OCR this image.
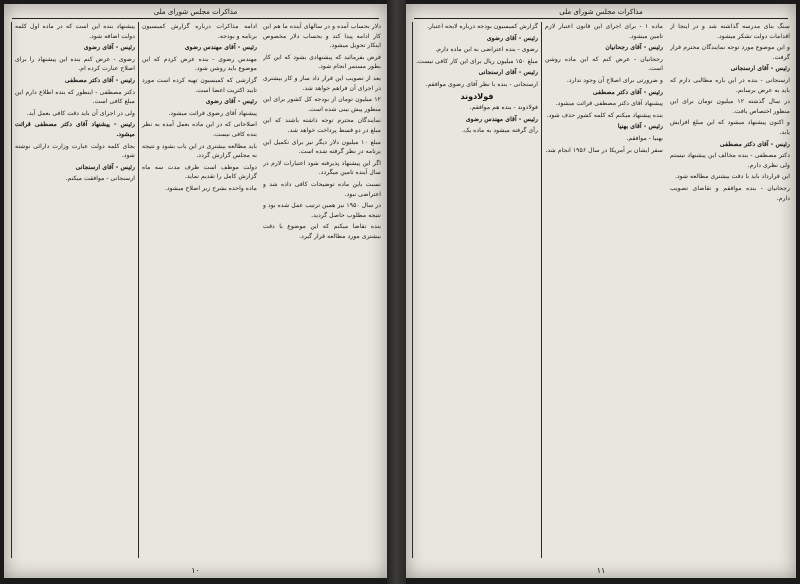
مذاکرات مجلس شورای ملی

دلار بحساب آمده و در سالهای آینده ما هم این کار ادامه پیدا کند و بحساب دلار مخصوص اینکار تحویل میشود.

فرض بفرمائید که پیشنهادی بشود که این کار بطور مستمر انجام شود.

بعد از تصویب این قرار داد ساز و کار بیشتری در اجرای آن فراهم خواهد شد.

۱۲ میلیون تومان از بودجه کل کشور برای این منظور پیش بینی شده است.

نمایندگان محترم توجه داشته باشند که این مبلغ در دو قسط پرداخت خواهد شد.

مبلغ ۱۰ میلیون دلار دیگر نیز برای تکمیل این برنامه در نظر گرفته شده است.

اگر این پیشنهاد پذیرفته شود اعتبارات لازم در سال آینده تامین میگردد.

نسبت باین ماده توضیحات کافی داده شد و اعتراضی نبود.

در سال ۱۹۵۰ نیز همین ترتیب عمل شده بود و نتیجه مطلوب حاصل گردید.

بنده تقاضا میکنم که این موضوع با دقت بیشتری مورد مطالعه قرار گیرد.

ادامه مذاکرات درباره گزارش کمیسیون برنامه و بودجه.

رئیس - آقای مهندس رضوی

مهندس رضوی - بنده عرض کردم که این موضوع باید روشن شود.

گزارشی که کمیسیون تهیه کرده است مورد تایید اکثریت اعضا است.

رئیس - آقای رضوی

پیشنهاد آقای رضوی قرائت میشود.

اصلاحاتی که در این ماده بعمل آمده به نظر بنده کافی نیست.

باید مطالعه بیشتری در این باب بشود و نتیجه به مجلس گزارش گردد.

دولت موظف است ظرف مدت سه ماه گزارش کامل را تقدیم نماید.

ماده واحده بشرح زیر اصلاح میشود.

پیشنهاد بنده این است که در ماده اول کلمه دولت اضافه شود.

رئیس - آقای رضوی

رضوی - عرض کنم بنده این پیشنهاد را برای اصلاح عبارت کرده ام.

رئیس - آقای دکتر مصطفی

دکتر مصطفی - اینطور که بنده اطلاع دارم این مبلغ کافی است.

ولی در اجرای آن باید دقت کافی بعمل آید.

رئیس - پیشنهاد آقای دکتر مصطفی قرائت میشود.

بجای کلمه دولت عبارت وزارت دارائی نوشته شود.

رئیس - آقای ارسنجانی

ارسنجانی - موافقت میکنم.

۱۰
مذاکرات مجلس شورای ملی

سنگ بنای مدرسه گذاشته شد و در اینجا از اقدامات دولت تشکر میشود.

و این موضوع مورد توجه نمایندگان محترم قرار گرفت.

رئیس - آقای ارسنجانی

ارسنجانی - بنده در این باره مطالبی دارم که باید به عرض برسانم.

در سال گذشته ۱۲ میلیون تومان برای این منظور اختصاص یافت.

و اکنون پیشنهاد میشود که این مبلغ افزایش یابد.

رئیس - آقای دکتر مصطفی

دکتر مصطفی - بنده مخالف این پیشنهاد نیستم ولی نظری دارم.

این قرارداد باید با دقت بیشتری مطالعه شود.

رجحانیان - بنده موافقم و تقاضای تصویب دارم.

ماده ۱ - برای اجرای این قانون اعتبار لازم تامین میشود.

رئیس - آقای رجحانیان

رجحانیان - عرض کنم که این ماده روشن است.

و ضرورتی برای اصلاح آن وجود ندارد.

رئیس - آقای دکتر مصطفی

پیشنهاد آقای دکتر مصطفی قرائت میشود.

بنده پیشنهاد میکنم که کلمه کشور حذف شود.

رئیس - آقای بهنیا

بهنیا - موافقم.

سفر ایشان بر آمریکا در سال ۱۹۵۶ انجام شد.

گزارش کمیسیون بودجه درباره لایحه اعتبار.

رئیس - آقای رضوی

رضوی - بنده اعتراضی به این ماده دارم.

مبلغ ۱۵۰ میلیون ریال برای این کار کافی نیست.

رئیس - آقای ارسنجانی

ارسنجانی - بنده با نظر آقای رضوی موافقم.

فولادوند

فولادوند - بنده هم موافقم.

رئیس - آقای مهندس رضوی

رأی گرفته میشود به ماده یک.

۱۱
